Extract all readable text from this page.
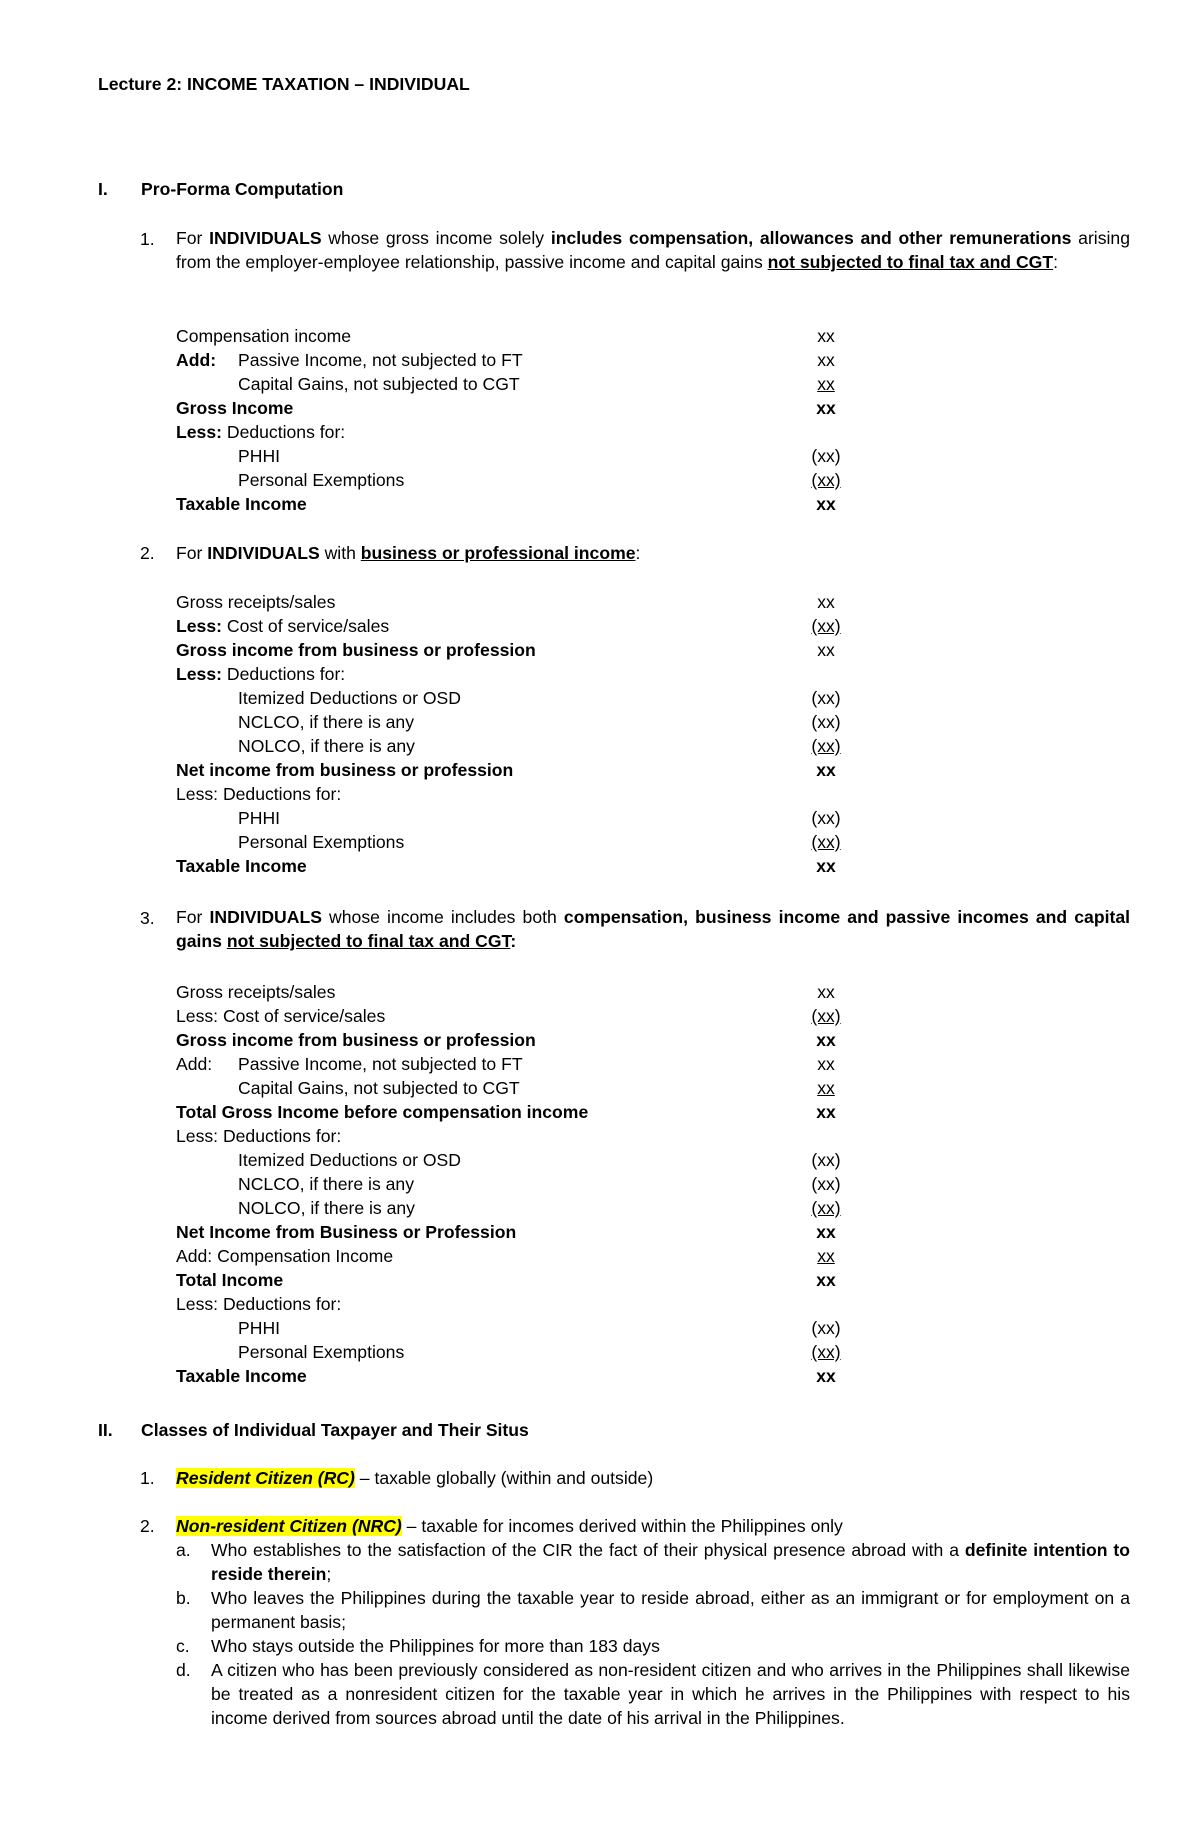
Lecture 2: INCOME TAXATION – INDIVIDUAL
I. Pro-Forma Computation
1. For INDIVIDUALS whose gross income solely includes compensation, allowances and other remunerations arising from the employer-employee relationship, passive income and capital gains not subjected to final tax and CGT:
Compensation income	xx
Add: Passive Income, not subjected to FT	xx
Capital Gains, not subjected to CGT	xx
Gross Income	xx
Less: Deductions for:
PHHI	(xx)
Personal Exemptions	(xx)
Taxable Income	xx
2. For INDIVIDUALS with business or professional income:
Gross receipts/sales	xx
Less: Cost of service/sales	(xx)
Gross income from business or profession	xx
Less: Deductions for:
Itemized Deductions or OSD	(xx)
NCLCO, if there is any	(xx)
NOLCO, if there is any	(xx)
Net income from business or profession	xx
Less: Deductions for:
PHHI	(xx)
Personal Exemptions	(xx)
Taxable Income	xx
3. For INDIVIDUALS whose income includes both compensation, business income and passive incomes and capital gains not subjected to final tax and CGT:
Gross receipts/sales	xx
Less: Cost of service/sales	(xx)
Gross income from business or profession	xx
Add: Passive Income, not subjected to FT	xx
Capital Gains, not subjected to CGT	xx
Total Gross Income before compensation income	xx
Less: Deductions for:
Itemized Deductions or OSD	(xx)
NCLCO, if there is any	(xx)
NOLCO, if there is any	(xx)
Net Income from Business or Profession	xx
Add: Compensation Income	xx
Total Income	xx
Less: Deductions for:
PHHI	(xx)
Personal Exemptions	(xx)
Taxable Income	xx
II. Classes of Individual Taxpayer and Their Situs
1. Resident Citizen (RC) – taxable globally (within and outside)
2. Non-resident Citizen (NRC) – taxable for incomes derived within the Philippines only
a. Who establishes to the satisfaction of the CIR the fact of their physical presence abroad with a definite intention to reside therein;
b. Who leaves the Philippines during the taxable year to reside abroad, either as an immigrant or for employment on a permanent basis;
c. Who stays outside the Philippines for more than 183 days
d. A citizen who has been previously considered as non-resident citizen and who arrives in the Philippines shall likewise be treated as a nonresident citizen for the taxable year in which he arrives in the Philippines with respect to his income derived from sources abroad until the date of his arrival in the Philippines.
